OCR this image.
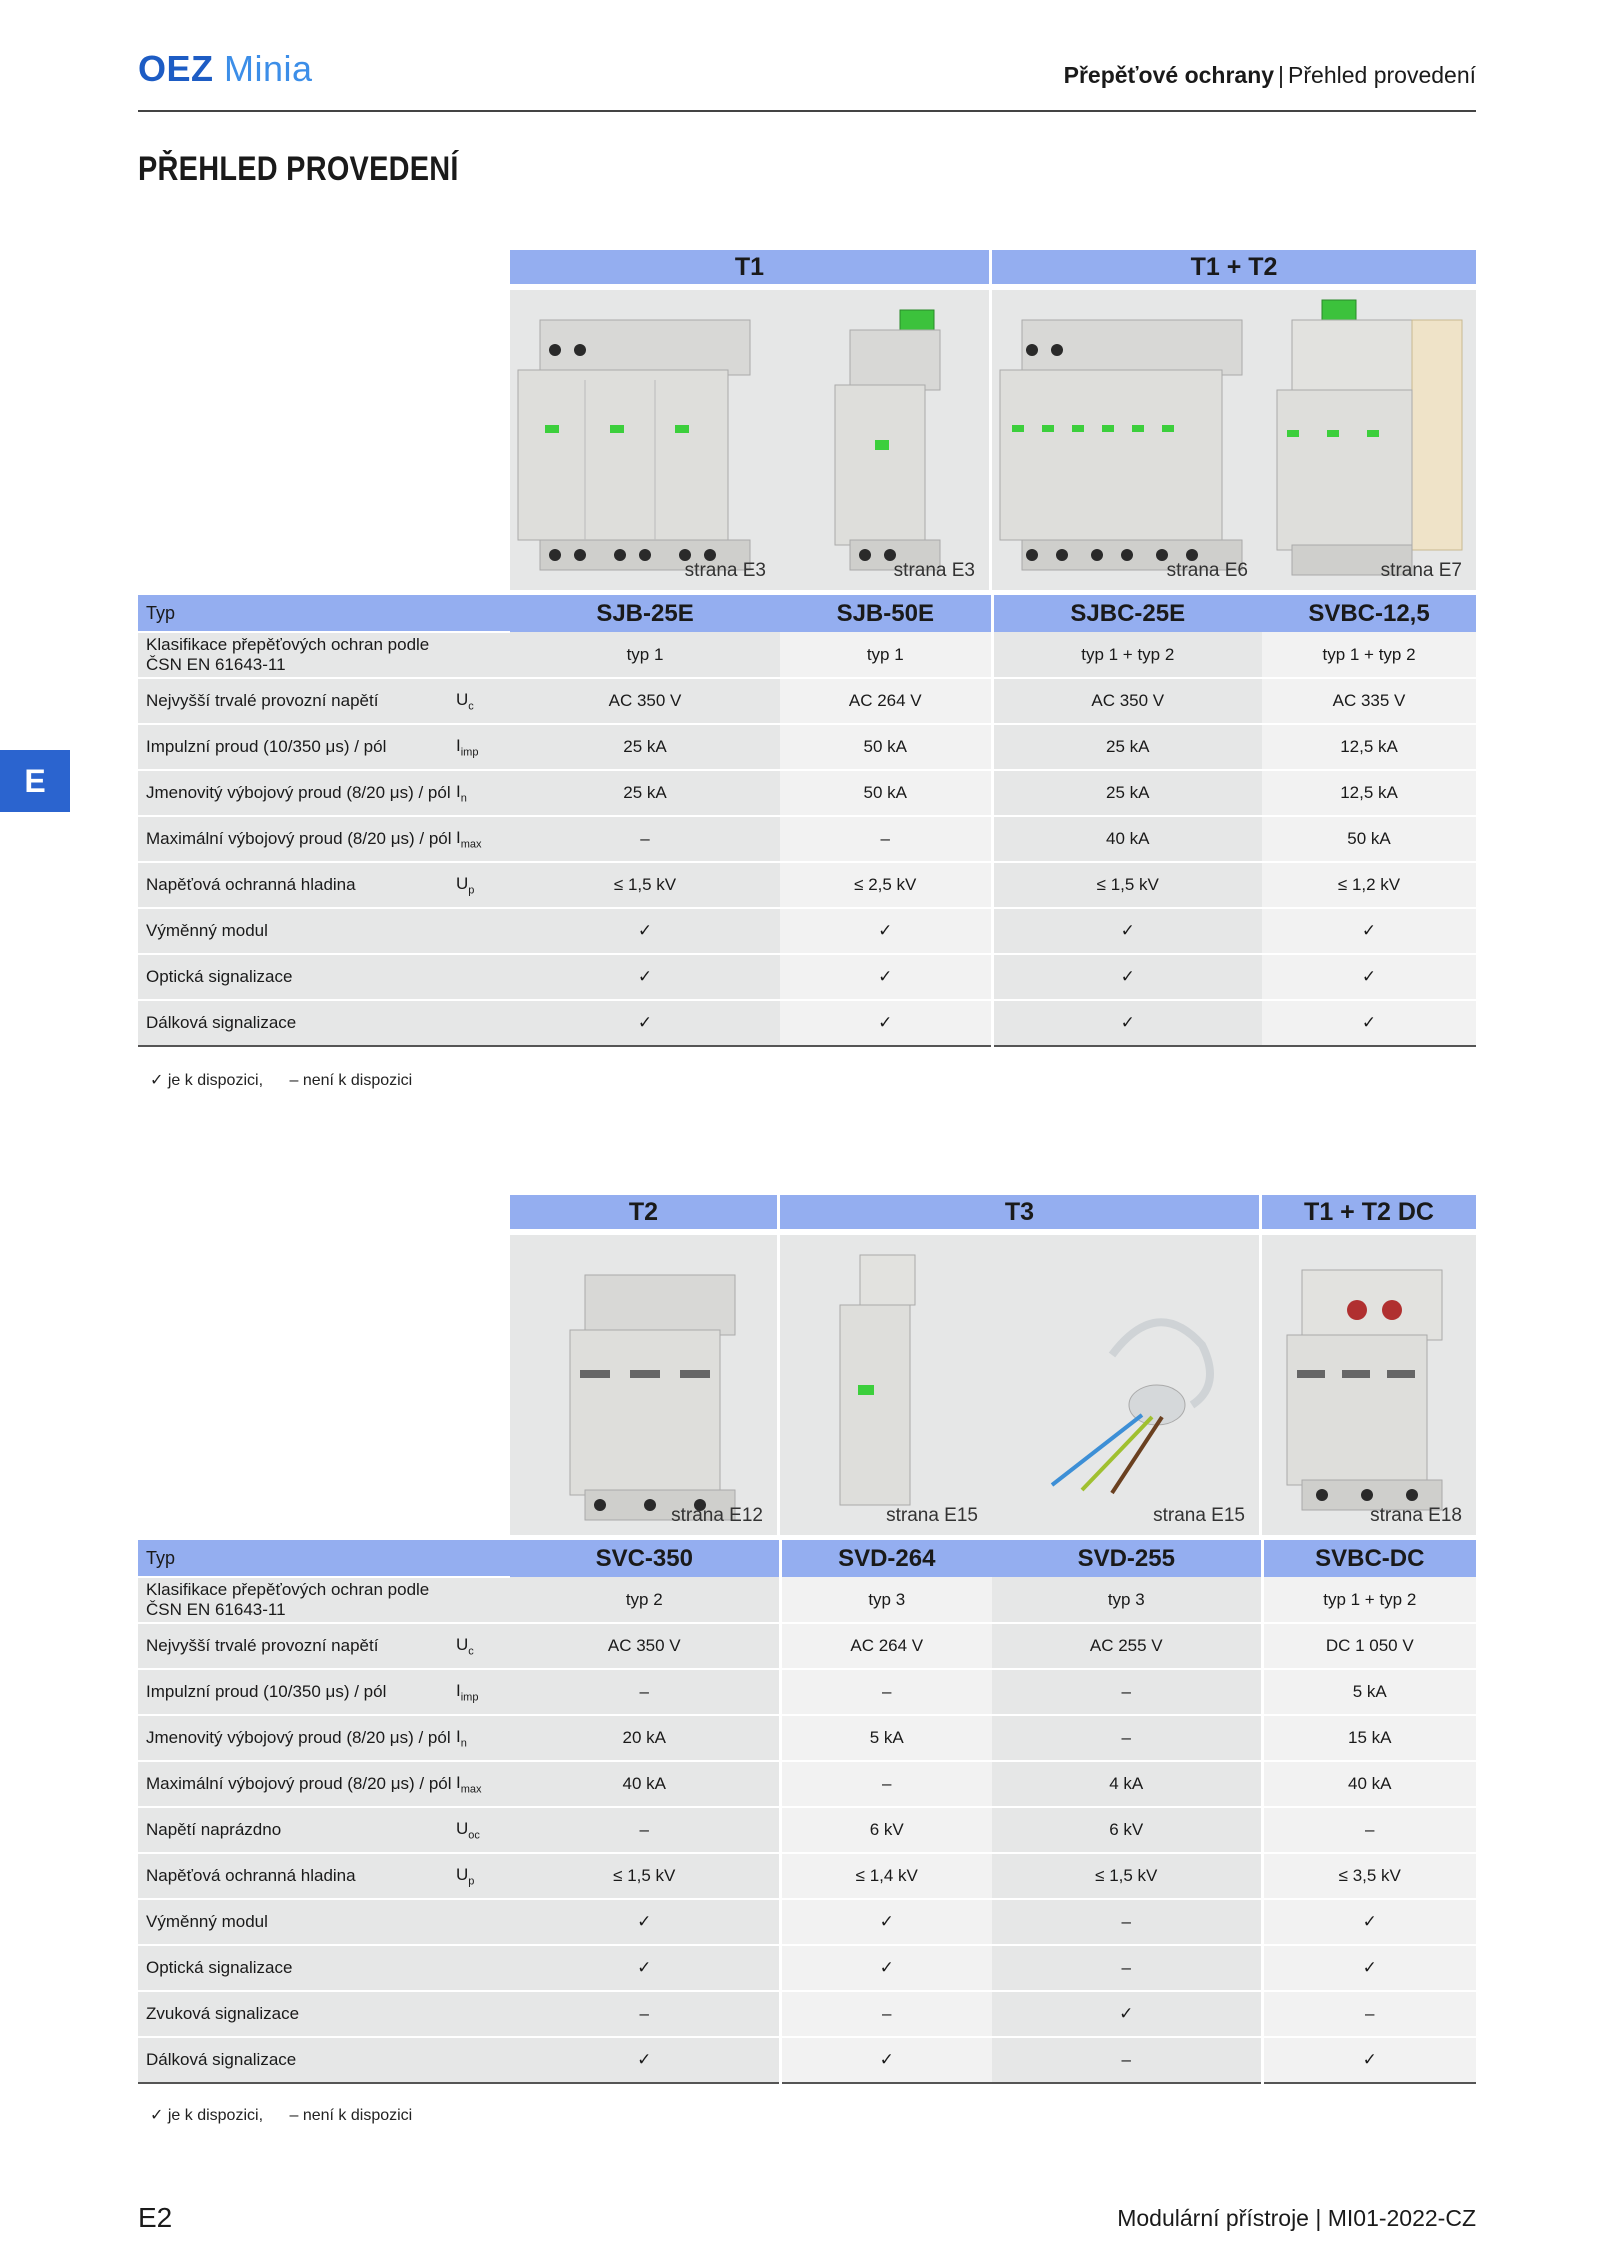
OEZ Minia	Přepěťové ochrany | Přehled provedení
PŘEHLED PROVEDENÍ
E
T1	T1 + T2
strana E3	strana E3	strana E6	strana E7
Typ		SJB-25E	SJB-50E	SJBC-25E	SVBC-12,5
Klasifikace přepěťových ochran podle ČSN EN 61643-11		typ 1	typ 1	typ 1 + typ 2	typ 1 + typ 2
Nejvyšší trvalé provozní napětí	$U_c$	AC 350 V	AC 264 V	AC 350 V	AC 335 V
Impulzní proud (10/350 μs) / pól	$I_{imp}$	25 kA	50 kA	25 kA	12,5 kA
Jmenovitý výbojový proud (8/20 μs) / pól	$I_n$	25 kA	50 kA	25 kA	12,5 kA
Maximální výbojový proud (8/20 μs) / pól	$I_{max}$	–	–	40 kA	50 kA
Napěťová ochranná hladina	$U_p$	≤ 1,5 kV	≤ 2,5 kV	≤ 1,5 kV	≤ 1,2 kV
Výměnný modul		✓	✓	✓	✓
Optická signalizace		✓	✓	✓	✓
Dálková signalizace		✓	✓	✓	✓
✓ je k dispozici, – není k dispozici
T2	T3	T1 + T2 DC
strana E12	strana E15	strana E15	strana E18
Typ		SVC-350	SVD-264	SVD-255	SVBC-DC
Klasifikace přepěťových ochran podle ČSN EN 61643-11		typ 2	typ 3	typ 3	typ 1 + typ 2
Nejvyšší trvalé provozní napětí	$U_c$	AC 350 V	AC 264 V	AC 255 V	DC 1 050 V
Impulzní proud (10/350 μs) / pól	$I_{imp}$	–	–	–	5 kA
Jmenovitý výbojový proud (8/20 μs) / pól	$I_n$	20 kA	5 kA	–	15 kA
Maximální výbojový proud (8/20 μs) / pól	$I_{max}$	40 kA	–	4 kA	40 kA
Napětí naprázdno	$U_{oc}$	–	6 kV	6 kV	–
Napěťová ochranná hladina	$U_p$	≤ 1,5 kV	≤ 1,4 kV	≤ 1,5 kV	≤ 3,5 kV
Výměnný modul		✓	✓	–	✓
Optická signalizace		✓	✓	–	✓
Zvuková signalizace		–	–	✓	–
Dálková signalizace		✓	✓	–	✓
✓ je k dispozici, – není k dispozici
E2	Modulární přístroje | MI01-2022-CZ
